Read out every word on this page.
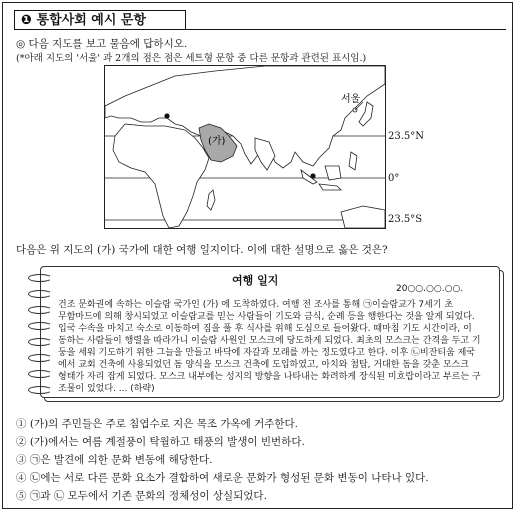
❶ 통합사회 예시 문항
◎ 다음 지도를 보고 물음에 답하시오.
(*아래 지도의 '서울' 과 2개의 점은 점은 세트형 문항 중 다른 문항과 관련된 표시임.)
서울
(가)	23.5°N
0°
23.5°S
다음은 위 지도의 (가) 국가에 대한 여행 일지이다. 이에 대한 설명으로 옳은 것은?
여행 일지
20○○.○○.○○.
건조 문화권에 속하는 이슬람 국가인 (가) 에 도착하였다. 여행 전 조사를 통해 ㉠이슬람교가 7세기 초
무함마드에 의해 창시되었고 이슬람교를 믿는 사람들이 기도와 금식, 순례 등을 행한다는 것을 알게 되었다.
입국 수속을 마치고 숙소로 이동하여 짐을 풀 후 식사를 위해 도심으로 들어왔다. 때마침 기도 시간이라, 이
동하는 사람들이 행렬을 따라가니 이슬람 사원인 모스크에 당도하게 되었다. 최초의 모스크는 간격을 두고 기
둥을 세워 기도하기 위한 그늘을 만들고 바닥에 자갈과 모래를 까는 정도였다고 한다. 이후 ㉡비잔티움 제국
에서 교회 건축에 사용되었던 돔 양식을 모스크 건축에 도입하였고, 아치와 첨탑, 거대한 돔을 갖춘 모스크
형태가 자리 잡게 되었다. 모스크 내부에는 성지의 방향을 나타내는 화려하게 장식된 미흐랍이라고 부르는 구
조물이 있었다. ... (하략)
① (가)의 주민들은 주로 침엽수로 지은 목조 가옥에 거주한다.
② (가)에서는 여름 계절풍이 탁월하고 태풍의 발생이 빈번하다.
③ ㉠은 발견에 의한 문화 변동에 해당한다.
④ ㉡에는 서로 다른 문화 요소가 결합하여 새로운 문화가 형성된 문화 변동이 나타나 있다.
⑤ ㉠과 ㉡ 모두에서 기존 문화의 정체성이 상실되었다.
